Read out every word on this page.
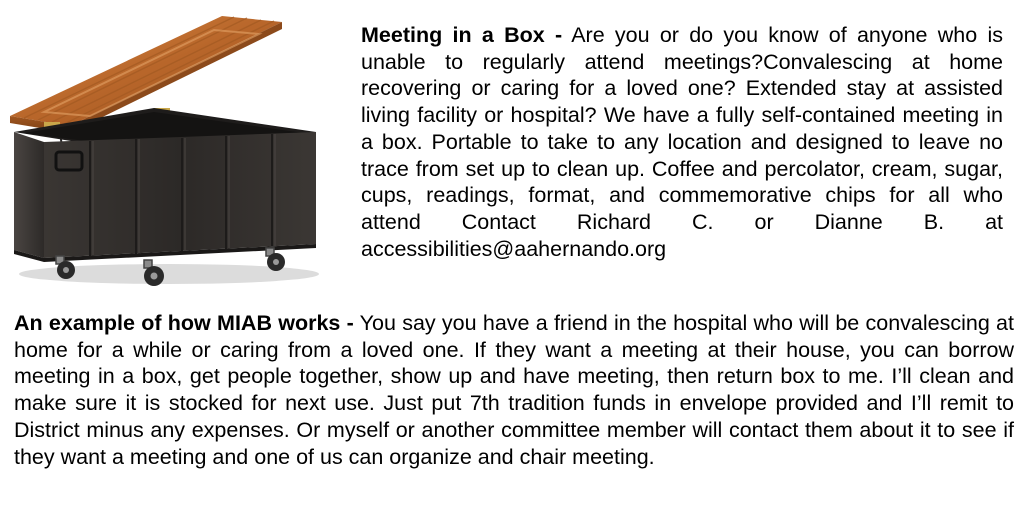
Meeting in a Box - Are you or do you know of anyone who is unable to regularly attend meetings?Convalescing at home recovering or caring for a loved one? Extended stay at assisted living facility or hospital? We have a fully self-contained meeting in a box. Portable to take to any location and designed to leave no trace from set up to clean up. Coffee and percolator, cream, sugar, cups, readings, format, and commemorative chips for all who attend Contact Richard C. or Dianne B. at accessibilities@aahernando.org

An example of how MIAB works - You say you have a friend in the hospital who will be convalescing at home for a while or caring from a loved one. If they want a meeting at their house, you can borrow meeting in a box, get people together, show up and have meeting, then return box to me. I’ll clean and make sure it is stocked for next use. Just put 7th tradition funds in envelope provided and I’ll remit to District minus any expenses. Or myself or another committee member will contact them about it to see if they want a meeting and one of us can organize and chair meeting.
